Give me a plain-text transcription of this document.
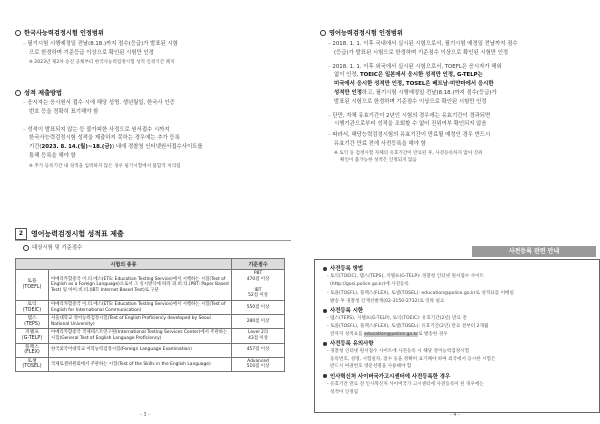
한국사능력검정시험 인정범위
– 필기시험 시행예정일 전날(8.18.)까지 점수(등급)가 발표된 시험
으로 한정하며 기준등급 이상으로 확인된 시험만 인정
※ 2023년 제2차 승진 공채부터 한국사능력검정시험 성적 인정기간 폐지
성적 제출방법
– 응시자는 응시원서 접수 시에 해당 성명, 생년월일, 한국사 인증
번호 등을 정확히 표기해야 함
– 성적이 발표되지 않는 등 불가피한 사정으로 원서접수 시까지
한국사능력검정시험 성적을 제출하지 못하는 경우에는 추가 등록
기간(2023. 8. 14.(월)~18.(금)) 내에 경찰청 인터넷원서접수사이트를
통해 등록을 해야 함
※ 추가 등록기간 내 성적을 입력하지 않은 경우 필기시험에서 불합격 처리됨
2	영어능력검정시험 성적표 제출
대상시험 및 기준점수
시험의 종류		기준점수
토플
(TOEFL)	아메리카합중국 이.티.에스(ETS: Education Testing Service)에서 시행하는 시험(Test of English as a Foreign Language)으로서 그 실시방식에 따라 피.비.티.(PBT: Paper Based Test) 및 아이.비.티.(IBT: Internet Based Test)로 구분	PBT
470점 이상

IBT
52점 이상
토익
(TOEIC)	아메리카합중국 이.티.에스(ETS: Education Testing Service)에서 시행하는 시험(Test of English for International Communication)	550점 이상
텝스
(TEPS)	서울대학교 영어능력검정시험(Test of English Proficiency developed by Seoul National University)	280점 이상
지텔프
(G-TELP)	아메리카합중국 국제테스트연구원(International Testing Services Center)에서 주관하는 시험(General Test of English Language Proficiency)	Level 2의
43점 이상
플렉스
(FLEX)	한국외국어대학교 어학능력검정시험(Foreign Language Examination)	457점 이상
토셀
(TOSEL)	국제토셀위원회에서 주관하는 시험(Test of the Skills in the English Language)	Advanced
510점 이상
- 3 -
영어능력검정시험 인정범위
– 2018. 1. 1. 이후 국내에서 실시된 시험으로서, 필기시험 예정일 전날까지 점수
(등급)가 발표된 시험으로 한정하며 기준점수 이상으로 확인된 시험만 인정
– 2018. 1. 1. 이후 외국에서 실시된 시험으로서, TOEFL은 응시자가 해외
없이 인정, TOEIC은 일본에서 응시한 성적만 인정, G-TELP는
미국에서 응시한 성적만 인정, TOSEL은 베트남·미얀마에서 응시한
성적만 인정하고, 필기시험 시행예정일 전날(8.18.)까지 점수(등급)가
발표된 시험으로 한정하며 기준점수 이상으로 확인된 시험만 인정
– 단만, 자체 유효기간이 2년인 시험의 경우에는 유효기간이 경과되면
시행기관으로부터 성적을 조회할 수 없어 진위여부 확인되지 않음
– 따라서, 해당능력검정시험의 유효기간이 만료될 예정인 경우 반드시
유효기간 만료 전에 사전등록을 해야 함
※ 토익 등 검정시험 자체의 유효기간이 만료된 후, 사전등록하지 않아 진위
확인이 불가능한 성적은 인정되지 않음
사전등록 관련 안내
사전등록 방법
- 토익(TOEIC), 텝스(TEPS), 지텔프(G-TELP): 경찰청 인터넷 원서접수 사이트
(http://gosi.police.go.kr)에 사전등록
- 토플(TOEFL), 플렉스(FLEX), 토셀(TOSEL): education@police.go.kr로 성적표를 이메일
발송 후 경찰청 인재선발계(02-3150-2732)로 연락 필요
사전등록 시한
- 텝스(TEPS), 지텔프(G-TELP), 토익(TOEIC): 유효기간(2년) 만료 전
- 토플(TOEFL), 플렉스(FLEX), 토셀(TOSEL): 유효기간(2년) 만료 전부터 2개월
전까지 성적표를 education@police.go.kr로 발송한 경우
사전등록 유의사항
- 경찰청 인터넷 원서접수 사이트에 사전등록 시 해당 영어능력검정시험
등록번호, 성명, 시험일자, 점수 등을 정확히 표기해야 하며 외국에서 응시한 시험은
반드시 여권번호 영문성명을 사용해야 함
인사혁신처 사이버국가고시센터에 사전등록한 경우
- 유효기간 만료 전 인사혁신처 사이버국가 고시센터에 사전등록이 된 경우에는
성적이 인정됨
- 4 -
